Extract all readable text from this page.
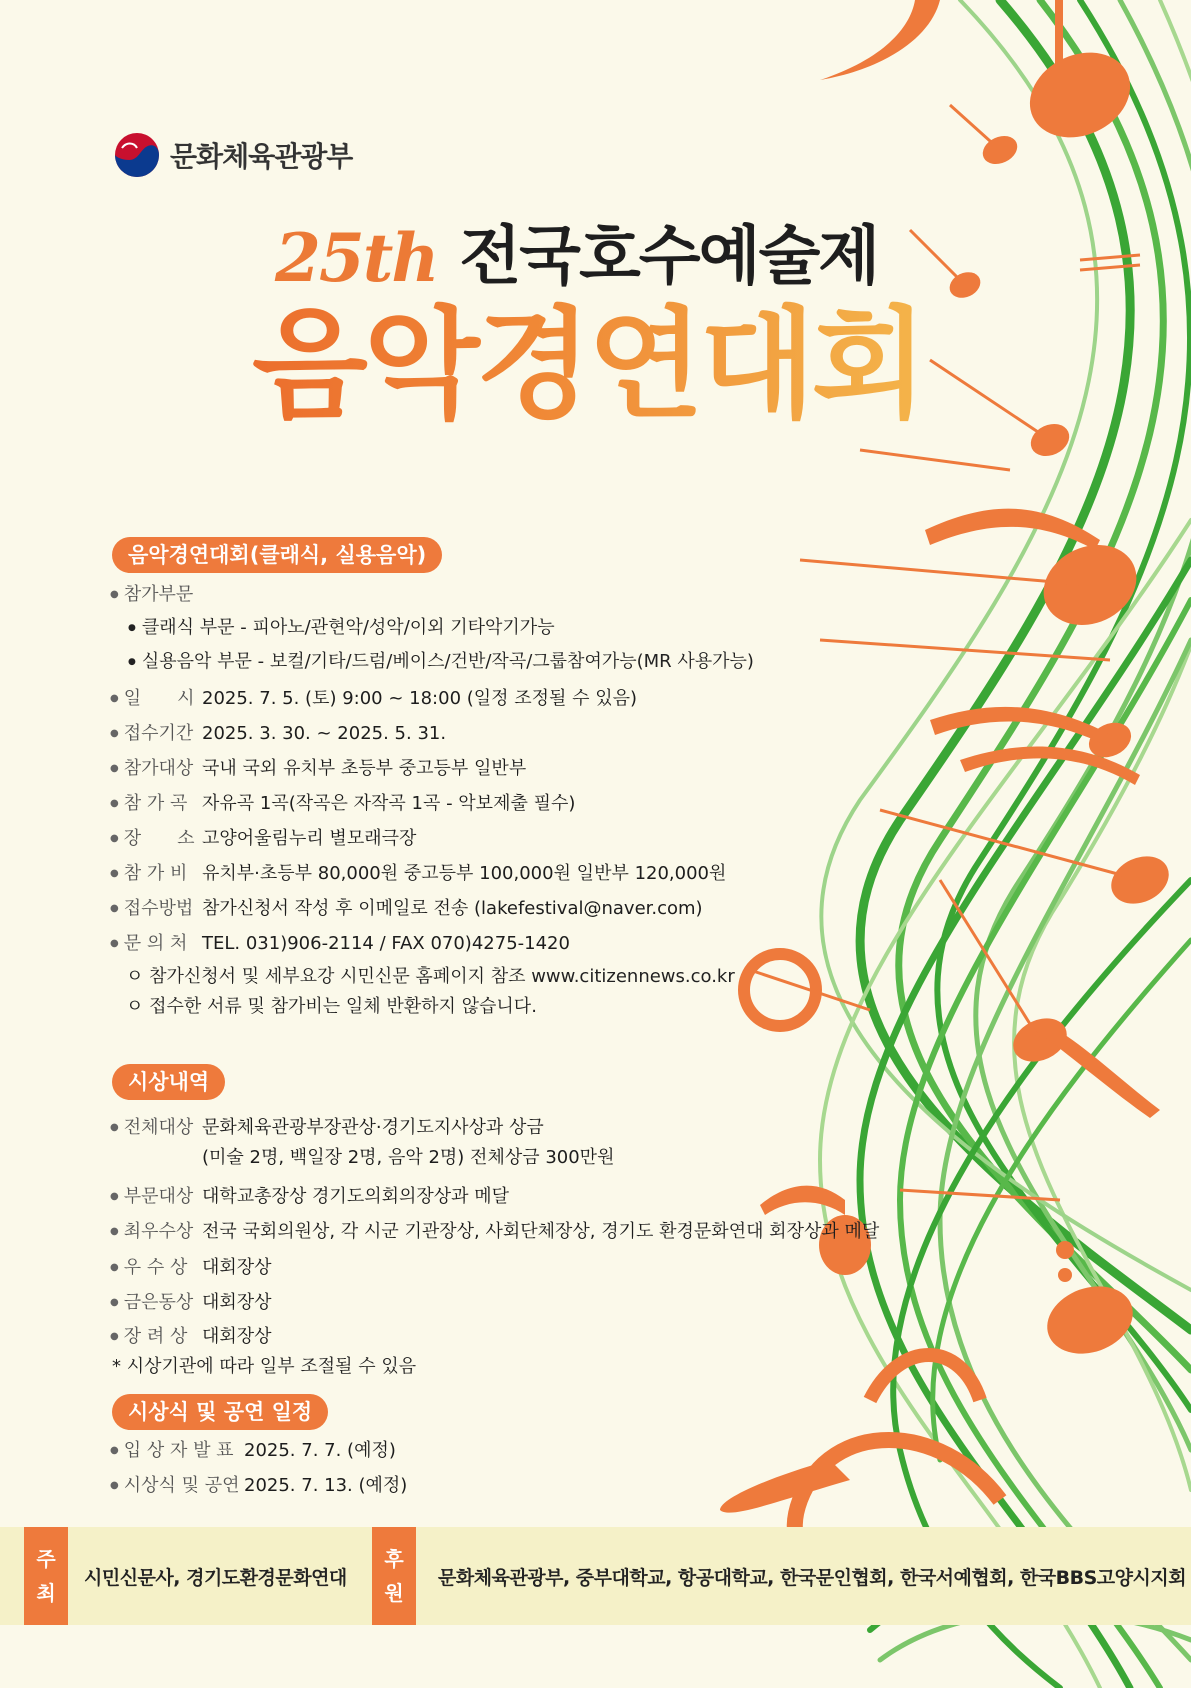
문화체육관광부
25th 전국호수예술제
음악경연대회
음악경연대회(클래식, 실용음악)
● 참가부문
● 클래식 부문 - 피아노/관현악/성악/이외 기타악기가능
● 실용음악 부문 - 보컬/기타/드럼/베이스/건반/작곡/그룹참여가능(MR 사용가능)
● 일　　시 2025. 7. 5. (토) 9:00 ~ 18:00 (일정 조정될 수 있음)
● 접수기간 2025. 3. 30. ~ 2025. 5. 31.
● 참가대상 국내 국외 유치부 초등부 중고등부 일반부
● 참 가 곡 자유곡 1곡(작곡은 자작곡 1곡 - 악보제출 필수)
● 장　　소 고양어울림누리 별모래극장
● 참 가 비 유치부·초등부 80,000원 중고등부 100,000원 일반부 120,000원
● 접수방법 참가신청서 작성 후 이메일로 전송 (lakefestival@naver.com)
● 문 의 처 TEL. 031)906-2114 / FAX 070)4275-1420
ㅇ 참가신청서 및 세부요강 시민신문 홈페이지 참조 www.citizennews.co.kr
ㅇ 접수한 서류 및 참가비는 일체 반환하지 않습니다.
시상내역
● 전체대상 문화체육관광부장관상·경기도지사상과 상금
(미술 2명, 백일장 2명, 음악 2명) 전체상금 300만원
● 부문대상 대학교총장상 경기도의회의장상과 메달
● 최우수상 전국 국회의원상, 각 시군 기관장상, 사회단체장상, 경기도 환경문화연대 회장상과 메달
● 우 수 상 대회장상
● 금은동상 대회장상
● 장 려 상 대회장상
* 시상기관에 따라 일부 조절될 수 있음
시상식 및 공연 일정
● 입 상 자 발 표 2025. 7. 7. (예정)
● 시상식 및 공연 2025. 7. 13. (예정)
주
최
시민신문사, 경기도환경문화연대
후
원
문화체육관광부, 중부대학교, 항공대학교, 한국문인협회, 한국서예협회, 한국BBS고양시지회
